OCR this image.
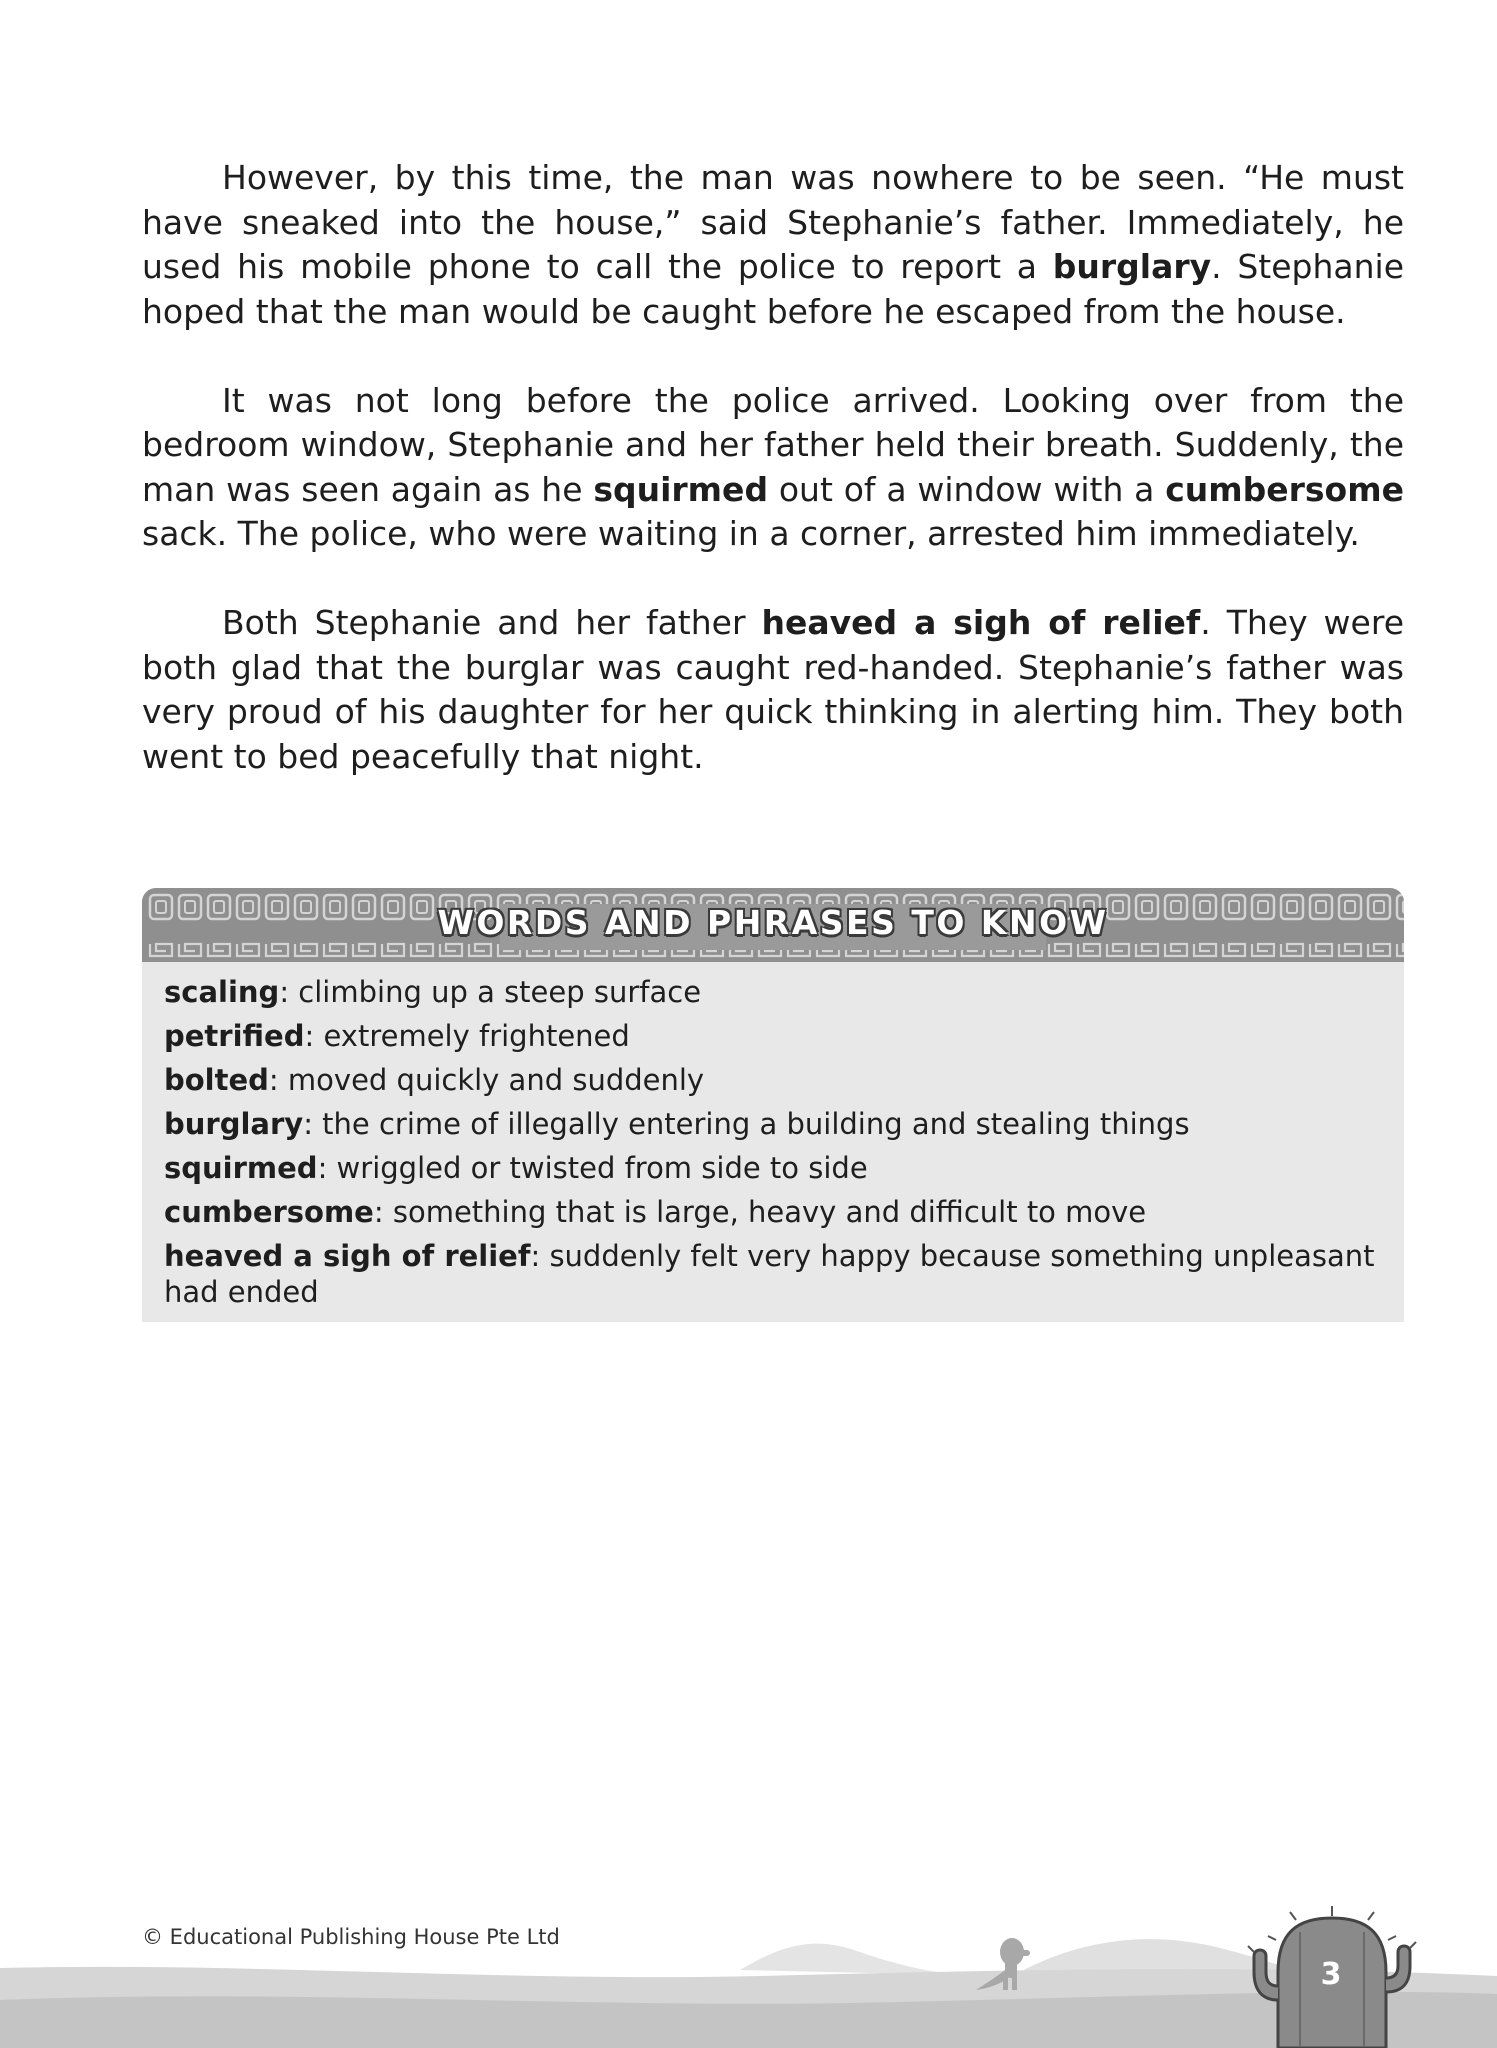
However, by this time, the man was nowhere to be seen. “He must have sneaked into the house,” said Stephanie’s father. Immediately, he used his mobile phone to call the police to report a burglary. Stephanie hoped that the man would be caught before he escaped from the house.

It was not long before the police arrived. Looking over from the bedroom window, Stephanie and her father held their breath. Suddenly, the man was seen again as he squirmed out of a window with a cumbersome sack. The police, who were waiting in a corner, arrested him immediately.

Both Stephanie and her father heaved a sigh of relief. They were both glad that the burglar was caught red-handed. Stephanie’s father was very proud of his daughter for her quick thinking in alerting him. They both went to bed peacefully that night.

WORDS AND PHRASES TO KNOW
scaling: climbing up a steep surface
petrified: extremely frightened
bolted: moved quickly and suddenly
burglary: the crime of illegally entering a building and stealing things
squirmed: wriggled or twisted from side to side
cumbersome: something that is large, heavy and difficult to move
heaved a sigh of relief: suddenly felt very happy because something unpleasant had ended
© Educational Publishing House Pte Ltd
3
